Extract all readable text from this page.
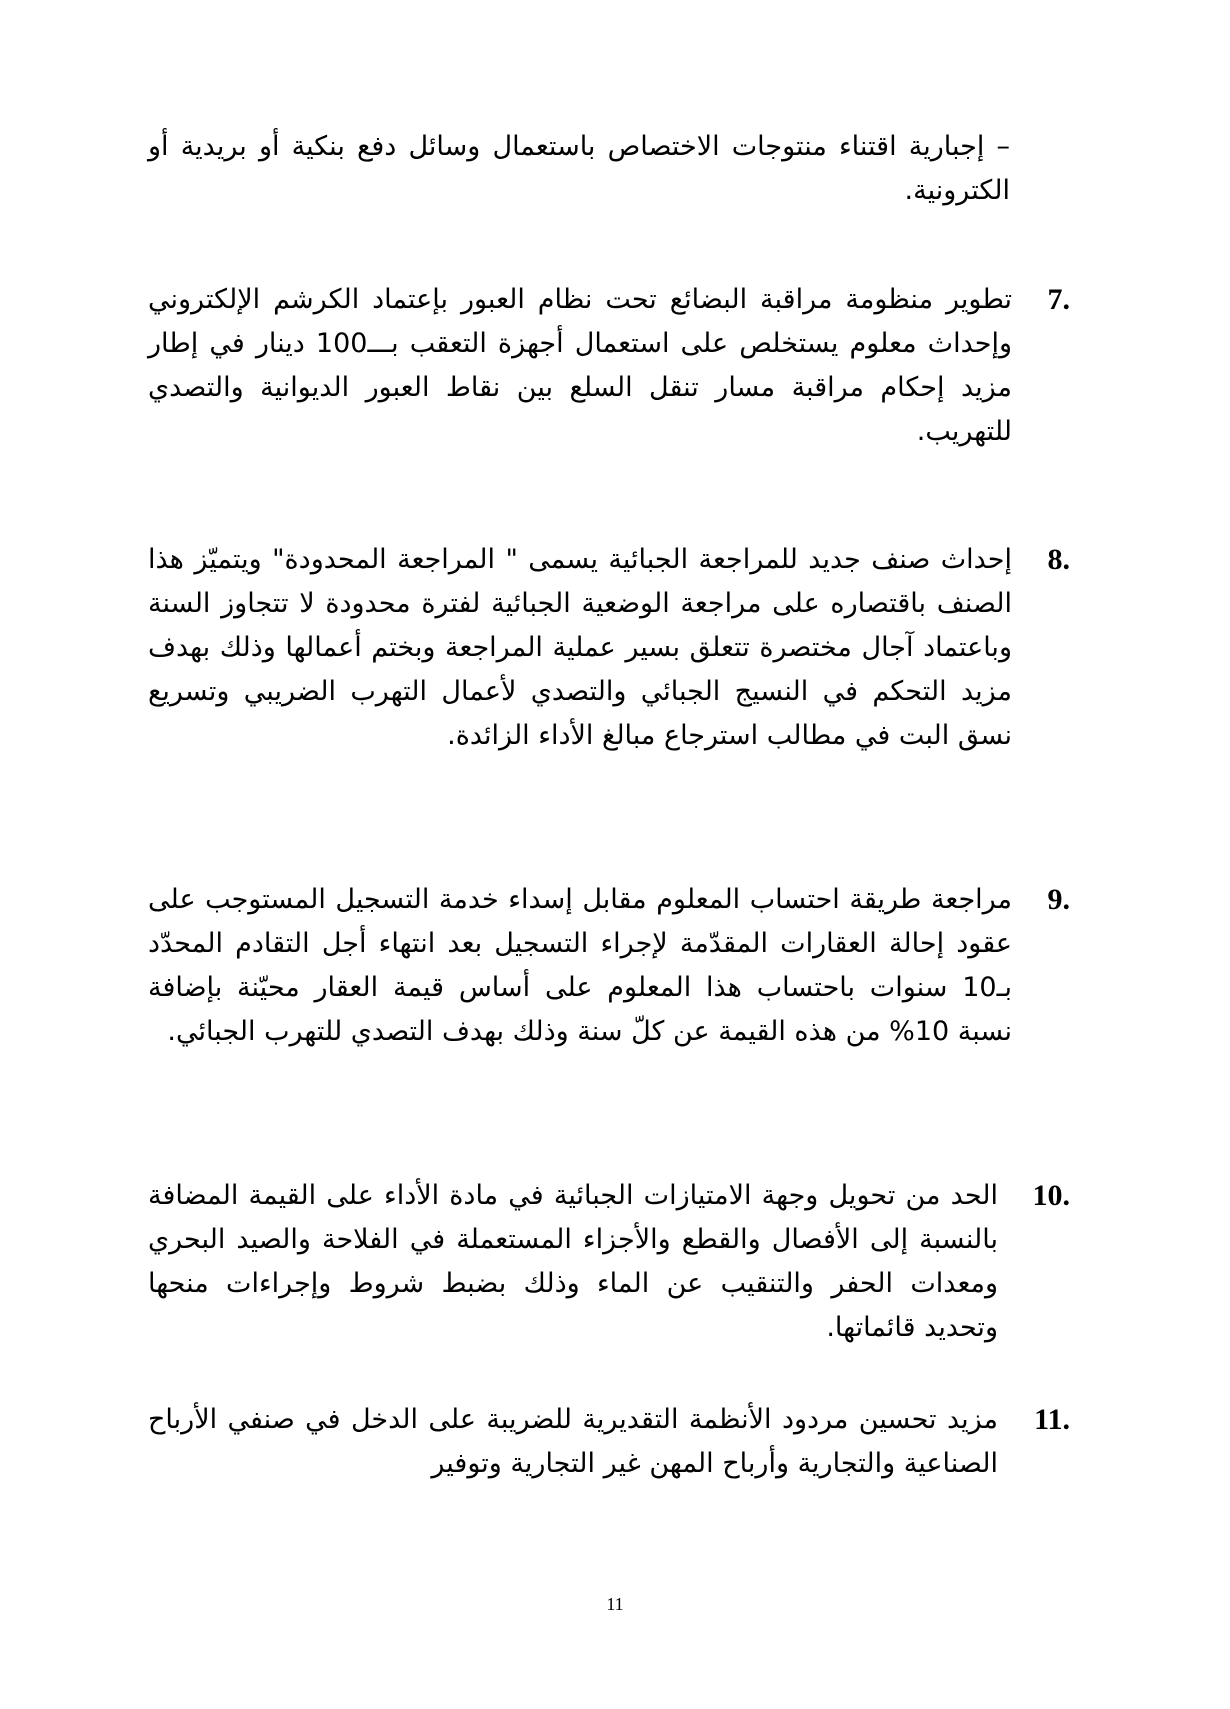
– إجبارية اقتناء منتوجات الاختصاص باستعمال وسائل دفع بنكية أو بريدية أو الكترونية.
7.
تطوير منظومة مراقبة البضائع تحت نظام العبور بإعتماد الكرشم الإلكتروني وإحداث معلوم يستخلص على استعمال أجهزة التعقب بـــ100 دينار في إطار مزيد إحكام مراقبة مسار تنقل السلع بين نقاط العبور الديوانية والتصدي للتهريب.
8.
إحداث صنف جديد للمراجعة الجبائية يسمى " المراجعة المحدودة" ويتميّز هذا الصنف باقتصاره على مراجعة الوضعية الجبائية لفترة محدودة لا تتجاوز السنة وباعتماد آجال مختصرة تتعلق بسير عملية المراجعة وبختم أعمالها وذلك بهدف مزيد التحكم في النسيج الجبائي والتصدي لأعمال التهرب الضريبي وتسريع نسق البت في مطالب استرجاع مبالغ الأداء الزائدة.
9.
مراجعة طريقة احتساب المعلوم مقابل إسداء خدمة التسجيل المستوجب على عقود إحالة العقارات المقدّمة لإجراء التسجيل بعد انتهاء أجل التقادم المحدّد بـ10 سنوات باحتساب هذا المعلوم على أساس قيمة العقار محيّنة بإضافة نسبة 10% من هذه القيمة عن كلّ سنة وذلك بهدف التصدي للتهرب الجبائي.
10.
الحد من تحويل وجهة الامتيازات الجبائية في مادة الأداء على القيمة المضافة بالنسبة إلى الأفصال والقطع والأجزاء المستعملة في الفلاحة والصيد البحري ومعدات الحفر والتنقيب عن الماء وذلك بضبط شروط وإجراءات منحها وتحديد قائماتها.
11.
مزيد تحسين مردود الأنظمة التقديرية للضريبة على الدخل في صنفي الأرباح الصناعية والتجارية وأرباح المهن غير التجارية وتوفير
11
